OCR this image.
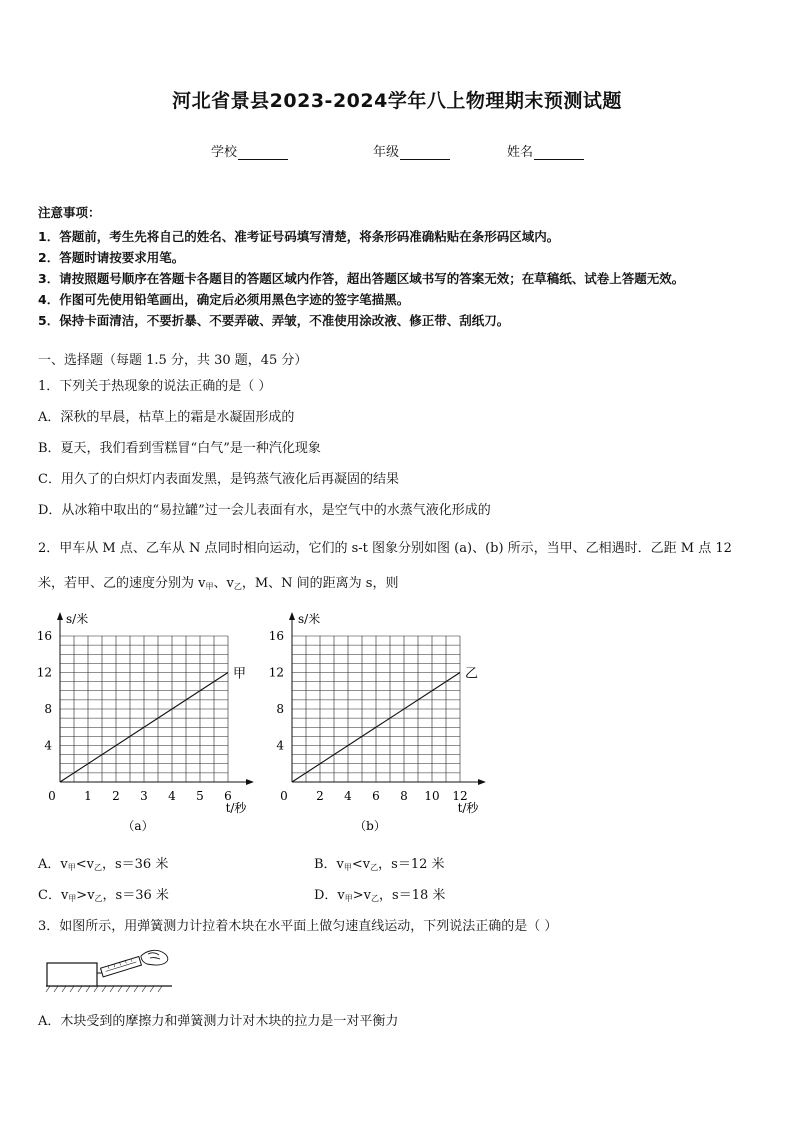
河北省景县2023-2024学年八上物理期末预测试题
学校	年级	姓名
注意事项：
1．答题前，考生先将自己的姓名、准考证号码填写清楚，将条形码准确粘贴在条形码区域内。
2．答题时请按要求用笔。
3．请按照题号顺序在答题卡各题目的答题区域内作答，超出答题区域书写的答案无效；在草稿纸、试卷上答题无效。
4．作图可先使用铅笔画出，确定后必须用黑色字迹的签字笔描黑。
5．保持卡面清洁，不要折暴、不要弄破、弄皱，不准使用涂改液、修正带、刮纸刀。
一、选择题（每题 1.5 分，共 30 题，45 分）
1．下列关于热现象的说法正确的是（ ）
A．深秋的早晨，枯草上的霜是水凝固形成的
B．夏天，我们看到雪糕冒“白气”是一种汽化现象
C．用久了的白炽灯内表面发黑，是钨蒸气液化后再凝固的结果
D．从冰箱中取出的“易拉罐”过一会儿表面有水，是空气中的水蒸气液化形成的
2．甲车从 M 点、乙车从 N 点同时相向运动，它们的 s-t 图象分别如图 (a)、(b) 所示，当甲、乙相遇时．乙距 M 点 12
米，若甲、乙的速度分别为 $v_甲$、$v_乙$，M、N 间的距离为 s，则
4
8
12
16
0 1 2 3 4 5 6
s/米
t/秒
甲
（a）
4
8
12
16
0 2 4 6 8 10 12
s/米
t/秒
乙
（b）
A．$v_甲<v_乙$，s＝36 米	B．$v_甲<v_乙$，s＝12 米
C．$v_甲>v_乙$，s＝36 米	D．$v_甲>v_乙$，s＝18 米
3．如图所示，用弹簧测力计拉着木块在水平面上做匀速直线运动，下列说法正确的是（ ）
A．木块受到的摩擦力和弹簧测力计对木块的拉力是一对平衡力
